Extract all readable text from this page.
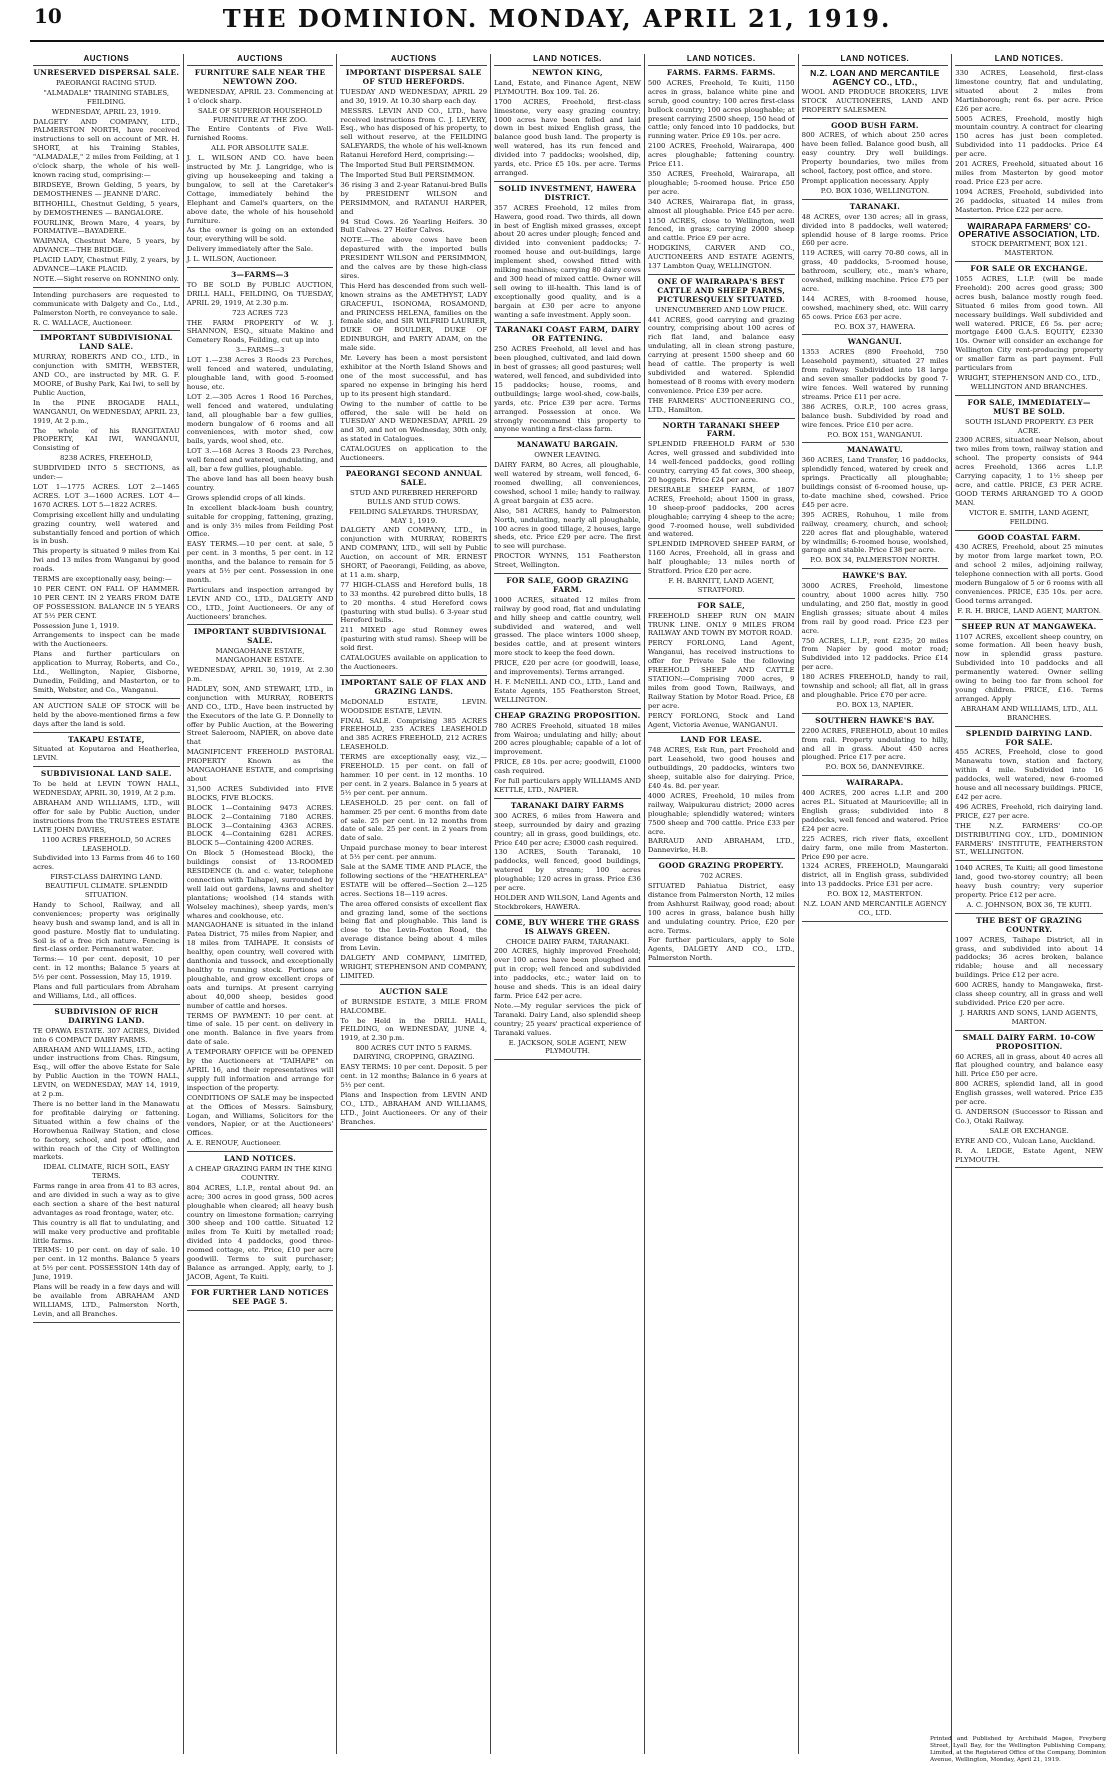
10	THE DOMINION. MONDAY, APRIL 21, 1919.
AUCTIONS
UNRESERVED DISPERSAL SALE.

PAEORANGI RACING STUD.

"ALMADALE" TRAINING STABLES, FEILDING.

WEDNESDAY, APRIL 23, 1919.

DALGETY AND COMPANY, LTD., PALMERSTON NORTH, have received instructions to sell on account of MR. H. SHORT, at his Training Stables, "ALMADALE," 2 miles from Feilding, at 1 o'clock sharp, the whole of his well-known racing stud, comprising:—

BIRDSEYE, Brown Gelding, 5 years, by DEMOSTHENES — JEANNE D'ARC.

BITHOHILL, Chestnut Gelding, 5 years, by DEMOSTHENES — BANGALORE.

FOURLINK, Brown Mare, 4 years, by FORMATIVE—BAYADERE.

WAIPANA, Chestnut Mare, 5 years, by ADVANCE—THE BRIDGE.

PLACID LADY, Chestnut Filly, 2 years, by ADVANCE—LAKE PLACID.

NOTE.—Sight reserve on RONNINO only.

Intending purchasers are requested to communicate with Dalgety and Co., Ltd., Palmerston North, re conveyance to sale.

R. C. WALLACE, Auctioneer.

IMPORTANT SUBDIVISIONAL LAND SALE.

MURRAY, ROBERTS AND CO., LTD., in conjunction with SMITH, WEBSTER, AND CO., are instructed by MR. G. F. MOORE, of Bushy Park, Kai Iwi, to sell by Public Auction,

In the PINE BROGADE HALL, WANGANUI, On WEDNESDAY, APRIL 23, 1919, At 2 p.m.,

The whole of his RANGITATAU PROPERTY, KAI IWI, WANGANUI, Consisting of

8238 ACRES, FREEHOLD,

SUBDIVIDED INTO 5 SECTIONS, as under:—

LOT 1—1775 ACRES. LOT 2—1465 ACRES. LOT 3—1600 ACRES. LOT 4—1670 ACRES. LOT 5—1822 ACRES.

Comprising excellent hilly and undulating grazing country, well watered and substantially fenced and portion of which is in bush.

This property is situated 9 miles from Kai Iwi and 13 miles from Wanganui by good roads.

TERMS are exceptionally easy, being:—

10 PER CENT. ON FALL OF HAMMER. 10 PER CENT. IN 2 YEARS FROM DATE OF POSSESSION. BALANCE IN 5 YEARS AT 5½ PER CENT.

Possession June 1, 1919.

Arrangements to inspect can be made with the Auctioneers.

Plans and further particulars on application to Murray, Roberts, and Co., Ltd., Wellington, Napier, Gisborne, Dunedin, Feilding, and Masterton, or to Smith, Webster, and Co., Wanganui.

AN AUCTION SALE OF STOCK will be held by the above-mentioned firms a few days after the land is sold.

TAKAPU ESTATE,

Situated at Koputaroa and Heatherlea, LEVIN.

SUBDIVISIONAL LAND SALE.

To be held at LEVIN TOWN HALL, WEDNESDAY, APRIL 30, 1919, At 2 p.m.

ABRAHAM AND WILLIAMS, LTD., will offer for sale by Public Auction, under instructions from the TRUSTEES ESTATE LATE JOHN DAVIES,

1100 ACRES FREEHOLD, 50 ACRES LEASEHOLD.

Subdivided into 13 Farms from 46 to 160 acres.

FIRST-CLASS DAIRYING LAND. BEAUTIFUL CLIMATE. SPLENDID SITUATION.

Handy to School, Railway, and all conveniences; property was originally heavy bush and swamp land, and is all in good pasture. Mostly flat to undulating. Soil is of a free rich nature. Fencing is first-class order. Permanent water.

Terms:— 10 per cent. deposit, 10 per cent. in 12 months; Balance 5 years at 5½ per cent. Possession, May 15, 1919.

Plans and full particulars from Abraham and Williams, Ltd., all offices.

SUBDIVISION OF RICH DAIRYING LAND.

TE OPAWA ESTATE. 307 ACRES, Divided into 6 COMPACT DAIRY FARMS.

ABRAHAM AND WILLIAMS, LTD., acting under instructions from Chas. Ringsum, Esq., will offer the above Estate for Sale by Public Auction in the TOWN HALL, LEVIN, on WEDNESDAY, MAY 14, 1919, at 2 p.m.

There is no better land in the Manawatu for profitable dairying or fattening. Situated within a few chains of the Horowhenua Railway Station, and close to factory, school, and post office, and within reach of the City of Wellington markets.

IDEAL CLIMATE, RICH SOIL, EASY TERMS.

Farms range in area from 41 to 83 acres, and are divided in such a way as to give each section a share of the best natural advantages as road frontage, water, etc.

This country is all flat to undulating, and will make very productive and profitable little farms.

TERMS: 10 per cent. on day of sale. 10 per cent. in 12 months. Balance 5 years at 5½ per cent. POSSESSION 14th day of June, 1919.

Plans will be ready in a few days and will be available from ABRAHAM AND WILLIAMS, LTD., Palmerston North, Levin, and all Branches.

AUCTIONS
FURNITURE SALE NEAR THE NEWTOWN ZOO.

WEDNESDAY, APRIL 23. Commencing at 1 o'clock sharp.

SALE OF SUPERIOR HOUSEHOLD FURNITURE AT THE ZOO.

The Entire Contents of Five Well-furnished Rooms.

ALL FOR ABSOLUTE SALE.

J. L. WILSON AND CO. have been instructed by Mr. J. Langridge, who is giving up housekeeping and taking a bungalow, to sell at the Caretaker's Cottage, immediately behind the Elephant and Camel's quarters, on the above date, the whole of his household furniture.

As the owner is going on an extended tour, everything will be sold.

Delivery immediately after the Sale.

J. L. WILSON, Auctioneer.

3—FARMS—3

TO BE SOLD By PUBLIC AUCTION, DRILL HALL, FEILDING, On TUESDAY, APRIL 29, 1919, At 2.30 p.m.

723 ACRES 723

THE FARM PROPERTY of W. J. SHANNON, ESQ., situate Makino and Cemetery Roads, Feilding, cut up into

3—FARMS—3

LOT 1.—238 Acres 3 Roods 23 Perches, well fenced and watered, undulating, ploughable land, with good 5-roomed house, etc.

LOT 2.—305 Acres 1 Rood 16 Perches, well fenced and watered, undulating land, all ploughable bar a few gullies, modern bungalow of 6 rooms and all conveniences, with motor shed, cow bails, yards, wool shed, etc.

LOT 3.—168 Acres 3 Roods 23 Perches, well fenced and watered, undulating, and all, bar a few gullies, ploughable.

The above land has all been heavy bush country.

Grows splendid crops of all kinds.

In excellent black-loam bush country, suitable for cropping, fattening, grazing, and is only 3½ miles from Feilding Post Office.

EASY TERMS.—10 per cent. at sale, 5 per cent. in 3 months, 5 per cent. in 12 months, and the balance to remain for 5 years at 5½ per cent. Possession in one month.

Particulars and inspection arranged by LEVIN AND CO., LTD., DALGETY AND CO., LTD., Joint Auctioneers. Or any of Auctioneers' branches.

IMPORTANT SUBDIVISIONAL SALE.

MANGAOHANE ESTATE, MANGAOHANE ESTATE.

WEDNESDAY, APRIL 30, 1919, At 2.30 p.m.

HADLEY, SON, AND STEWART, LTD., in conjunction with MURRAY, ROBERTS AND CO., LTD., Have been instructed by the Executors of the late G. P. Donnelly to offer by Public Auction, at the Bowering Street Saleroom, NAPIER, on above date that

MAGNIFICENT FREEHOLD PASTORAL PROPERTY Known as the MANGAOHANE ESTATE, and comprising about

31,500 ACRES Subdivided into FIVE BLOCKS, FIVE BLOCKS.

BLOCK 1—Containing 9473 ACRES. BLOCK 2—Containing 7180 ACRES. BLOCK 3—Containing 4363 ACRES. BLOCK 4—Containing 6281 ACRES. BLOCK 5—Containing 4200 ACRES.

On Block 5 (Homestead Block), the buildings consist of 13-ROOMED RESIDENCE (h. and c. water, telephone connection with Taihape), surrounded by well laid out gardens, lawns and shelter plantations; woolshed (14 stands with Wolseley machines), sheep yards, men's whares and cookhouse, etc.

MANGAOHANE is situated in the inland Patea District, 75 miles from Napier, and 18 miles from TAIHAPE. It consists of healthy, open country, well covered with danthonia and tussock, and exceptionally healthy to running stock. Portions are ploughable, and grow excellent crops of oats and turnips. At present carrying about 40,000 sheep, besides good number of cattle and horses.

TERMS OF PAYMENT: 10 per cent. at time of sale. 15 per cent. on delivery in one month. Balance in five years from date of sale.

A TEMPORARY OFFICE will be OPENED by the Auctioneers at "TAIHAPE" on APRIL 16, and their representatives will supply full information and arrange for inspection of the property.

CONDITIONS OF SALE may be inspected at the Offices of Messrs. Sainsbury, Logan, and Williams, Solicitors for the vendors, Napier, or at the Auctioneers' Offices.

A. E. RENOUF, Auctioneer.

LAND NOTICES.

A CHEAP GRAZING FARM IN THE KING COUNTRY.

804 ACRES, L.I.P., rental about 9d. an acre; 300 acres in good grass, 500 acres ploughable when cleared; all heavy bush country on limestone formation; carrying 300 sheep and 100 cattle. Situated 12 miles from Te Kuiti by metalled road; divided into 4 paddocks, good three-roomed cottage, etc. Price, £10 per acre goodwill. Terms to suit purchaser; Balance as arranged. Apply, early, to J. JACOB, Agent, Te Kuiti.

FOR FURTHER LAND NOTICES SEE PAGE 5.
AUCTIONS
IMPORTANT DISPERSAL SALE OF STUD HEREFORDS.

TUESDAY AND WEDNESDAY, APRIL 29 and 30, 1919. At 10.30 sharp each day.

MESSRS. LEVIN AND CO., LTD., have received instructions from C. J. LEVERY, Esq., who has disposed of his property, to sell without reserve, at the FEILDING SALEYARDS, the whole of his well-known Ratanui Hereford Herd, comprising:—

The Imported Stud Bull PERSIMMON.

The Imported Stud Bull PERSIMMON.

36 rising 3 and 2-year Ratanui-bred Bulls by PRESIDENT WILSON and PERSIMMON, and RATANUI HARPER, and

94 Stud Cows. 26 Yearling Heifers. 30 Bull Calves. 27 Heifer Calves.

NOTE.—The above cows have been depastured with the imported bulls PRESIDENT WILSON and PERSIMMON, and the calves are by these high-class sires.

This Herd has descended from such well-known strains as the AMETHYST, LADY GRACEFUL, ISONOMA, ROSAMOND, and PRINCESS HELENA, families on the female side, and SIR WILFRID LAURIER, DUKE OF BOULDER, DUKE OF EDINBURGH, and PARTY ADAM, on the male side.

Mr. Levery has been a most persistent exhibitor at the North Island Shows and one of the most successful, and has spared no expense in bringing his herd up to its present high standard.

Owing to the number of cattle to be offered, the sale will be held on TUESDAY AND WEDNESDAY, APRIL 29 and 30, and not on Wednesday, 30th only, as stated in Catalogues.

CATALOGUES on application to the Auctioneers.

PAEORANGI SECOND ANNUAL SALE.

STUD AND PUREBRED HEREFORD BULLS AND STUD COWS.

FEILDING SALEYARDS. THURSDAY, MAY 1, 1919.

DALGETY AND COMPANY, LTD., in conjunction with MURRAY, ROBERTS AND COMPANY, LTD., will sell by Public Auction, on account of MR. ERNEST SHORT, of Paeorangi, Feilding, as above, at 11 a.m. sharp,

77 HIGH-CLASS and Hereford bulls, 18 to 33 months. 42 purebred ditto bulls, 18 to 20 months. 4 stud Hereford cows (pasturing with stud bulls). 6 3-year stud Hereford bulls.

211 MIXED age stud Romney ewes (pasturing with stud rams). Sheep will be sold first.

CATALOGUES available on application to the Auctioneers.

IMPORTANT SALE OF FLAX AND GRAZING LANDS.

McDONALD ESTATE, LEVIN. WOODSIDE ESTATE, LEVIN.

FINAL SALE. Comprising 385 ACRES FREEHOLD, 235 ACRES LEASEHOLD and 385 ACRES FREEHOLD, 212 ACRES LEASEHOLD.

TERMS are exceptionally easy, viz.,—FREEHOLD. 15 per cent. on fall of hammer. 10 per cent. in 12 months. 10 per cent. in 2 years. Balance in 5 years at 5½ per cent. per annum.

LEASEHOLD. 25 per cent. on fall of hammer. 25 per cent. 6 months from date of sale. 25 per cent. in 12 months from date of sale. 25 per cent. in 2 years from date of sale.

Unpaid purchase money to bear interest at 5½ per cent. per annum.

Sale at the SAME TIME AND PLACE, the following sections of the "HEATHERLEA" ESTATE will be offered—Section 2—125 acres. Sections 18—119 acres.

The area offered consists of excellent flax and grazing land, some of the sections being flat and ploughable. This land is close to the Levin-Foxton Road, the average distance being about 4 miles from Levin.

DALGETY AND COMPANY, LIMITED, WRIGHT, STEPHENSON AND COMPANY, LIMITED.

AUCTION SALE

of BURNSIDE ESTATE, 3 MILE FROM HALCOMBE.

To be Held in the DRILL HALL, FEILDING, on WEDNESDAY, JUNE 4, 1919, at 2.30 p.m.

800 ACRES CUT INTO 5 FARMS. DAIRYING, CROPPING, GRAZING.

EASY TERMS: 10 per cent. Deposit. 5 per cent. in 12 months; Balance in 6 years at 5½ per cent.

Plans and Inspection from LEVIN AND CO., LTD., ABRAHAM AND WILLIAMS, LTD., Joint Auctioneers. Or any of their Branches.

LAND NOTICES.
NEWTON KING,

Land, Estate, and Finance Agent, NEW PLYMOUTH. Box 109. Tel. 26.

1700 ACRES, Freehold, first-class limestone, very easy grazing country; 1000 acres have been felled and laid down in best mixed English grass, the balance good bush land. The property is well watered, has its run fenced and divided into 7 paddocks; woolshed, dip, yards, etc. Price £5 10s. per acre. Terms arranged.

SOLID INVESTMENT, HAWERA DISTRICT.

357 ACRES Freehold, 12 miles from Hawera, good road. Two thirds, all down in best of English mixed grasses, except about 20 acres under plough; fenced and divided into convenient paddocks; 7-roomed house and out-buildings, large implement shed, cowshed fitted with milking machines; carrying 80 dairy cows and 300 head of mixed cattle. Owner will sell owing to ill-health. This land is of exceptionally good quality, and is a bargain at £30 per acre to anyone wanting a safe investment. Apply soon.

TARANAKI COAST FARM, DAIRY OR FATTENING.

250 ACRES Freehold, all level and has been ploughed, cultivated, and laid down in best of grasses; all good pastures; well watered, well fenced, and subdivided into 15 paddocks; house, rooms, and outbuildings; large wool-shed, cow-bails, yards, etc. Price £39 per acre. Terms arranged. Possession at once. We strongly recommend this property to anyone wanting a first-class farm.

MANAWATU BARGAIN.

OWNER LEAVING.

DAIRY FARM, 80 Acres, all ploughable, well watered by stream, well fenced, 6-roomed dwelling, all conveniences, cowshed, school 1 mile; handy to railway. A great bargain at £35 acre.

Also, 581 ACRES, handy to Palmerston North, undulating, nearly all ploughable, 100 acres in good tillage, 2 houses, large sheds, etc. Price £29 per acre. The first to see will purchase.

PROCTOR WYNNS, 151 Featherston Street, Wellington.

FOR SALE, GOOD GRAZING FARM.

1000 ACRES, situated 12 miles from railway by good road, flat and undulating and hilly sheep and cattle country, well subdivided and watered, and well grassed. The place winters 1000 sheep, besides cattle, and at present winters more stock to keep the feed down.

PRICE, £20 per acre (or goodwill, lease, and improvements). Terms arranged.

H. F. McNEILL AND CO., LTD., Land and Estate Agents, 155 Featherston Street, WELLINGTON.

CHEAP GRAZING PROPOSITION.

780 ACRES Freehold, situated 18 miles from Wairoa; undulating and hilly; about 200 acres ploughable; capable of a lot of improvement.

PRICE, £8 10s. per acre; goodwill, £1000 cash required.

For full particulars apply WILLIAMS AND KETTLE, LTD., NAPIER.

TARANAKI DAIRY FARMS

300 ACRES, 6 miles from Hawera and steep, surrounded by dairy and grazing country; all in grass, good buildings, etc. Price £40 per acre; £3000 cash required.

130 ACRES, South Taranaki, 10 paddocks, well fenced, good buildings, watered by stream; 100 acres ploughable; 120 acres in grass. Price £36 per acre.

HOLDER AND WILSON, Land Agents and Stockbrokers, HAWERA.

COME, BUY WHERE THE GRASS IS ALWAYS GREEN.

CHOICE DAIRY FARM, TARANAKI.

200 ACRES, highly improved Freehold; over 100 acres have been ploughed and put in crop; well fenced and subdivided into paddocks, etc.; water laid on to house and sheds. This is an ideal dairy farm. Price £42 per acre.

Note.—My regular services the pick of Taranaki. Dairy Land, also splendid sheep country; 25 years' practical experience of Taranaki values.

E. JACKSON, SOLE AGENT, NEW PLYMOUTH.

LAND NOTICES.
FARMS. FARMS. FARMS.

500 ACRES, Freehold, Te Kuiti, 1150 acres in grass, balance white pine and scrub, good country; 100 acres first-class bullock country; 100 acres ploughable; at present carrying 2500 sheep, 150 head of cattle; only fenced into 10 paddocks, but running water. Price £9 10s. per acre.

2100 ACRES, Freehold, Wairarapa, 400 acres ploughable; fattening country. Price £11.

350 ACRES, Freehold, Wairarapa, all ploughable; 5-roomed house. Price £50 per acre.

340 ACRES, Wairarapa flat, in grass, almost all ploughable. Price £45 per acre.

1150 ACRES, close to Wellington, well fenced, in grass; carrying 2000 sheep and cattle. Price £9 per acre.

HODGKINS, CARVER AND CO., AUCTIONEERS AND ESTATE AGENTS, 137 Lambton Quay, WELLINGTON.

ONE OF WAIRARAPA'S BEST CATTLE AND SHEEP FARMS, PICTURESQUELY SITUATED.

UNENCUMBERED AND LOW PRICE.

441 ACRES, good carrying and grazing country, comprising about 100 acres of rich flat land, and balance easy undulating, all in clean strong pasture, carrying at present 1500 sheep and 60 head of cattle. The property is well subdivided and watered. Splendid homestead of 8 rooms with every modern convenience. Price £39 per acre.

THE FARMERS' AUCTIONEERING CO., LTD., Hamilton.

NORTH TARANAKI SHEEP FARM.

SPLENDID FREEHOLD FARM of 530 Acres, well grassed and subdivided into 14 well-fenced paddocks, good rolling country, carrying 45 fat cows, 300 sheep, 20 hoggets. Price £24 per acre.

DESIRABLE SHEEP FARM, of 1807 ACRES, Freehold; about 1500 in grass, 10 sheep-proof paddocks, 200 acres ploughable; carrying 4 sheep to the acre; good 7-roomed house, well subdivided and watered.

SPLENDID IMPROVED SHEEP FARM, of 1160 Acres, Freehold, all in grass and half ploughable; 13 miles north of Stratford. Price £20 per acre.

F. H. BARNITT, LAND AGENT, STRATFORD.

FOR SALE,

FREEHOLD SHEEP RUN ON MAIN TRUNK LINE. ONLY 9 MILES FROM RAILWAY AND TOWN BY MOTOR ROAD.

PERCY FORLONG, Land Agent, Wanganui, has received instructions to offer for Private Sale the following FREEHOLD SHEEP AND CATTLE STATION:—Comprising 7000 acres, 9 miles from good Town, Railways, and Railway Station by Motor Road. Price, £8 per acre.

PERCY FORLONG, Stock and Land Agent, Victoria Avenue, WANGANUI.

LAND FOR LEASE.

748 ACRES, Esk Run, part Freehold and part Leasehold, two good houses and outbuildings, 20 paddocks, winters two sheep, suitable also for dairying. Price, £40 4s. 8d. per year.

4000 ACRES, Freehold, 10 miles from railway, Waipukurau district; 2000 acres ploughable; splendidly watered; winters 7500 sheep and 700 cattle. Price £33 per acre.

BARRAUD AND ABRAHAM, LTD., Dannevirke, H.B.

GOOD GRAZING PROPERTY.

702 ACRES.

SITUATED Pahiatua District, easy distance from Palmerston North, 12 miles from Ashhurst Railway, good road; about 100 acres in grass, balance bush hilly and undulating country. Price, £20 per acre. Terms.

For further particulars, apply to Sole Agents, DALGETY AND CO., LTD., Palmerston North.

LAND NOTICES.
N.Z. LOAN AND MERCANTILE AGENCY CO., LTD.,

WOOL AND PRODUCE BROKERS, LIVE STOCK AUCTIONEERS, LAND AND PROPERTY SALESMEN.

GOOD BUSH FARM.

800 ACRES, of which about 250 acres have been felled. Balance good bush, all easy country. Dry well buildings. Property boundaries, two miles from school, factory, post office, and store.

Prompt application necessary. Apply

P.O. BOX 1036, WELLINGTON.

TARANAKI.

48 ACRES, over 130 acres; all in grass, divided into 8 paddocks, well watered; splendid house of 8 large rooms. Price £60 per acre.

119 ACRES, will carry 70-80 cows, all in grass, 40 paddocks, 5-roomed house, bathroom, scullery, etc., man's whare, cowshed, milking machine. Price £75 per acre.

144 ACRES, with 8-roomed house, cowshed, machinery shed, etc. Will carry 65 cows. Price £63 per acre.

P.O. BOX 37, HAWERA.

WANGANUI.

1353 ACRES (890 Freehold, 750 Leasehold payment), situated 27 miles from railway. Subdivided into 18 large and seven smaller paddocks by good 7-wire fences. Well watered by running streams. Price £11 per acre.

386 ACRES, O.R.P., 100 acres grass, balance bush. Subdivided by road and wire fences. Price £10 per acre.

P.O. BOX 151, WANGANUI.

MANAWATU.

360 ACRES, Land Transfer, 16 paddocks, splendidly fenced, watered by creek and springs. Practically all ploughable; buildings consist of 6-roomed house, up-to-date machine shed, cowshed. Price £45 per acre.

395 ACRES, Rohuhou, 1 mile from railway, creamery, church, and school; 220 acres flat and ploughable, watered by windmills; 6-roomed house, woolshed, garage and stable. Price £38 per acre.

P.O. BOX 34, PALMERSTON NORTH.

HAWKE'S BAY.

3000 ACRES, Freehold, limestone country, about 1000 acres hilly. 750 undulating, and 250 flat, mostly in good English grasses; situate about 4 miles from rail by good road. Price £23 per acre.

750 ACRES, L.I.P., rent £235; 20 miles from Napier by good motor road; Subdivided into 12 paddocks. Price £14 per acre.

180 ACRES FREEHOLD, handy to rail, township and school; all flat, all in grass and ploughable. Price £70 per acre.

P.O. BOX 13, NAPIER.

SOUTHERN HAWKE'S BAY.

2200 ACRES, FREEHOLD, about 10 miles from rail. Property undulating to hilly, and all in grass. About 450 acres ploughed. Price £17 per acre.

P.O. BOX 56, DANNEVIRKE.

WAIRARAPA.

400 ACRES, 200 acres L.I.P. and 200 acres P.L. Situated at Mauriceville; all in English grass; subdivided into 8 paddocks, well fenced and watered. Price £24 per acre.

225 ACRES, rich river flats, excellent dairy farm, one mile from Masterton. Price £90 per acre.

1324 ACRES, FREEHOLD, Maungaraki district, all in English grass, subdivided into 13 paddocks. Price £31 per acre.

P.O. BOX 12, MASTERTON.

N.Z. LOAN AND MERCANTILE AGENCY CO., LTD.

LAND NOTICES.

330 ACRES, Leasehold, first-class limestone country, flat and undulating, situated about 2 miles from Martinborough; rent 6s. per acre. Price £26 per acre.

5005 ACRES, Freehold, mostly high mountain country. A contract for clearing 150 acres has just been completed. Subdivided into 11 paddocks. Price £4 per acre.

201 ACRES, Freehold, situated about 16 miles from Masterton by good motor road. Price £23 per acre.

1094 ACRES, Freehold, subdivided into 26 paddocks, situated 14 miles from Masterton. Price £22 per acre.

WAIRARAPA FARMERS' CO-OPERATIVE ASSOCIATION, LTD.

STOCK DEPARTMENT, BOX 121. MASTERTON.

FOR SALE OR EXCHANGE.

1055 ACRES, L.I.P. (will be made Freehold): 200 acres good grass; 300 acres bush, balance mostly rough feed. Situated 6 miles from good town. All necessary buildings. Well subdivided and well watered. PRICE, £6 5s. per acre; mortgage £400 G.A.S. EQUITY, £2330 10s. Owner will consider an exchange for Wellington City rent-producing property or smaller farm as part payment. Full particulars from

WRIGHT, STEPHENSON AND CO., LTD., WELLINGTON AND BRANCHES.

FOR SALE, IMMEDIATELY—MUST BE SOLD.

SOUTH ISLAND PROPERTY. £3 PER ACRE.

2300 ACRES, situated near Nelson, about two miles from town, railway station and school. The property consists of 944 acres Freehold, 1366 acres L.I.P. Carrying capacity, 1 to 1½ sheep per acre, and cattle. PRICE, £3 PER ACRE. GOOD TERMS ARRANGED TO A GOOD MAN.

VICTOR E. SMITH, LAND AGENT, FEILDING.

GOOD COASTAL FARM.

430 ACRES, Freehold, about 25 minutes by motor from large market town, P.O. and school 2 miles, adjoining railway, telephone connection with all ports. Good modern Bungalow of 5 or 6 rooms with all conveniences. PRICE, £35 10s. per acre. Good terms arranged.

F. R. H. BRICE, LAND AGENT, MARTON.

SHEEP RUN AT MANGAWEKA.

1107 ACRES, excellent sheep country, on some formation. All been heavy bush, now in splendid grass pasture. Subdivided into 10 paddocks and all permanently watered. Owner selling owing to being too far from school for young children. PRICE, £16. Terms arranged. Apply

ABRAHAM AND WILLIAMS, LTD., ALL BRANCHES.

SPLENDID DAIRYING LAND. FOR SALE.

455 ACRES, Freehold, close to good Manawatu town, station and factory, within 4 mile. Subdivided into 16 paddocks, well watered, new 6-roomed house and all necessary buildings. PRICE, £42 per acre.

496 ACRES, Freehold, rich dairying land. PRICE, £27 per acre.

THE N.Z. FARMERS' CO-OP. DISTRIBUTING COY., LTD., DOMINION FARMERS' INSTITUTE, FEATHERSTON ST., WELLINGTON.

1040 ACRES, Te Kuiti; all good limestone land, good two-storey country; all been heavy bush country; very superior property. Price £12 per acre.

A. C. JOHNSON, BOX 36, TE KUITI.

THE BEST OF GRAZING COUNTRY.

1097 ACRES, Taihape District, all in grass, and subdivided into about 14 paddocks; 36 acres broken, balance ridable; house and all necessary buildings. Price £12 per acre.

600 ACRES, handy to Mangaweka, first-class sheep country, all in grass and well subdivided. Price £20 per acre.

J. HARRIS AND SONS, LAND AGENTS, MARTON.

SMALL DAIRY FARM. 10-COW PROPOSITION.

60 ACRES, all in grass, about 40 acres all flat ploughed country, and balance easy hill. Price £50 per acre.

800 ACRES, splendid land, all in good English grasses, well watered. Price £35 per acre.

G. ANDERSON (Successor to Rissan and Co.), Otaki Railway.

SALE OR EXCHANGE.

EYRE AND CO., Vulcan Lane, Auckland.

R. A. LEDGE, Estate Agent, NEW PLYMOUTH.

Printed and Published by Archibald Magee, Freyberg Street, Lyall Bay, for the Wellington Publishing Company, Limited, at the Registered Office of the Company, Dominion Avenue, Wellington, Monday, April 21, 1919.
